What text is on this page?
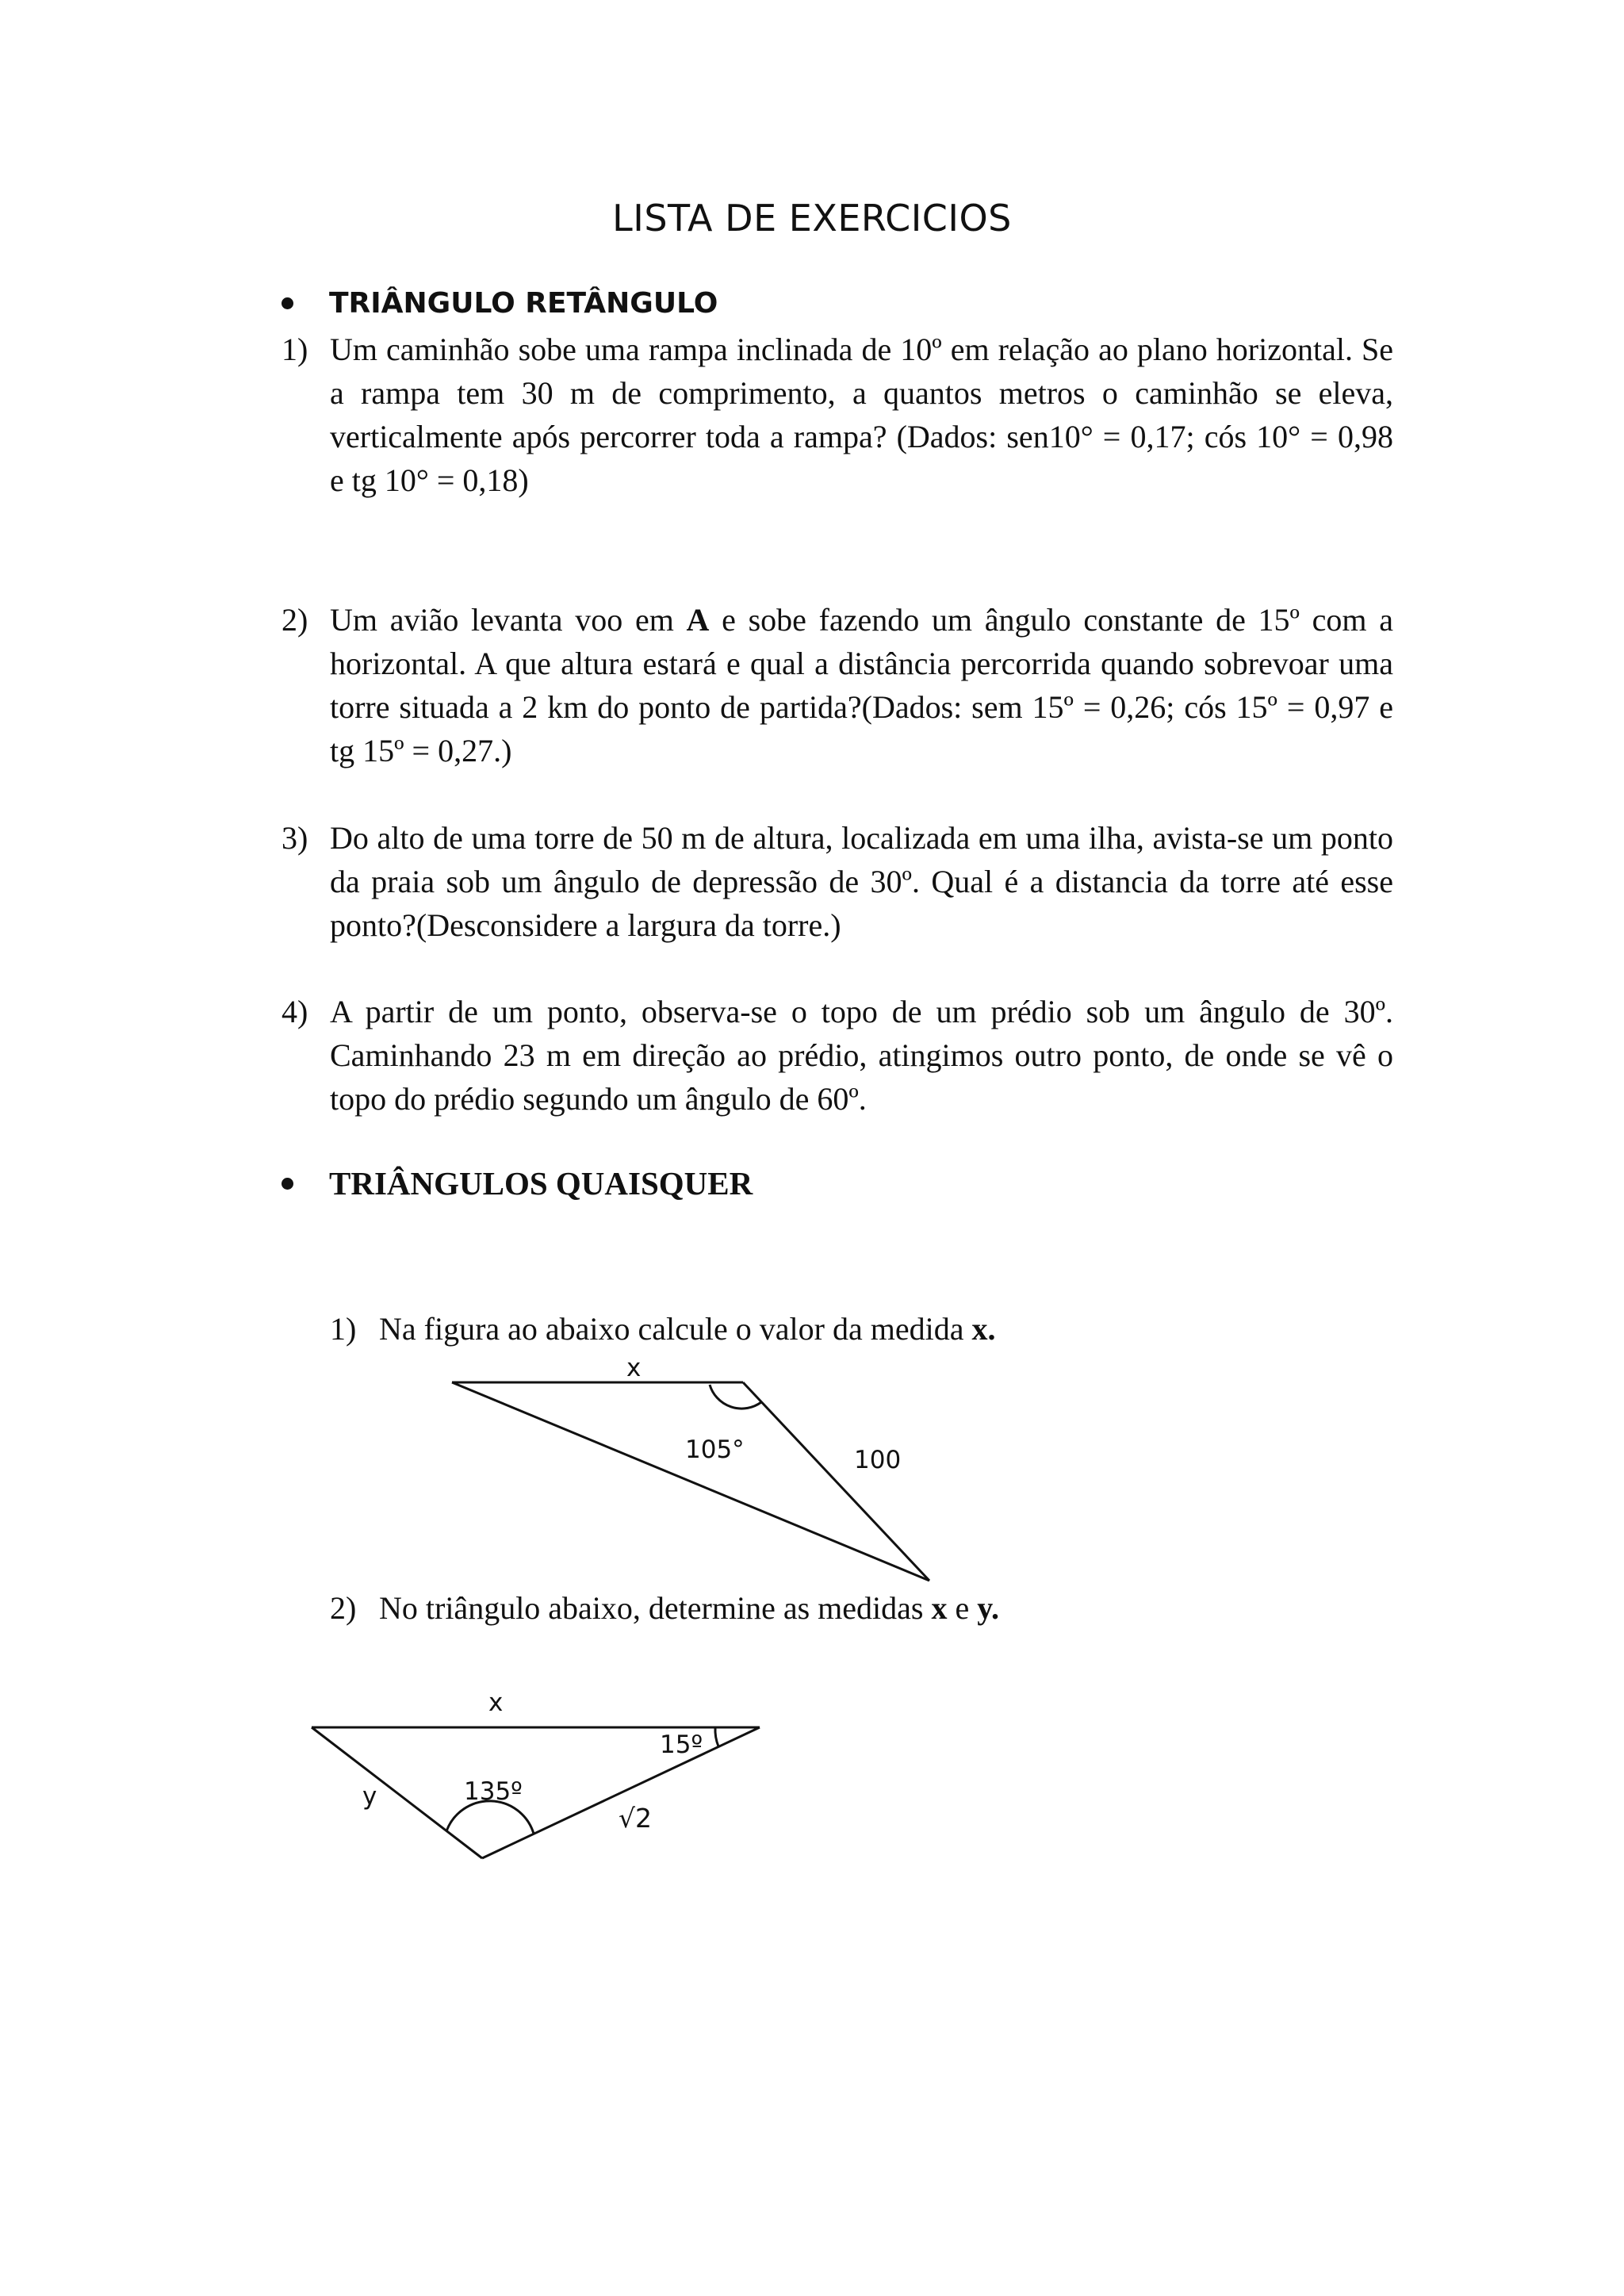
LISTA DE EXERCICIOS
TRIÂNGULO RETÂNGULO
1) Um caminhão sobe uma rampa inclinada de 10º em relação ao plano horizontal. Se a rampa tem 30 m de comprimento, a quantos metros o caminhão se eleva, verticalmente após percorrer toda a rampa? (Dados: sen10° = 0,17; cós 10° = 0,98 e tg 10° = 0,18)
2) Um avião levanta voo em A e sobe fazendo um ângulo constante de 15º com a horizontal. A que altura estará e qual a distância percorrida quando sobrevoar uma torre situada a 2 km do ponto de partida?(Dados: sem 15º = 0,26; cós 15º = 0,97 e tg 15º = 0,27.)
3) Do alto de uma torre de 50 m de altura, localizada em uma ilha, avista-se um ponto da praia sob um ângulo de depressão de 30º. Qual é a distancia da torre até esse ponto?(Desconsidere a largura da torre.)
4) A partir de um ponto, observa-se o topo de um prédio sob um ângulo de 30º. Caminhando 23 m em direção ao prédio, atingimos outro ponto, de onde se vê o topo do prédio segundo um ângulo de 60º.
TRIÂNGULOS QUAISQUER
1) Na figura ao abaixo calcule o valor da medida x.
x
105°	100
2) No triângulo abaixo, determine as medidas x e y.
x
15º
135º
y
√2
